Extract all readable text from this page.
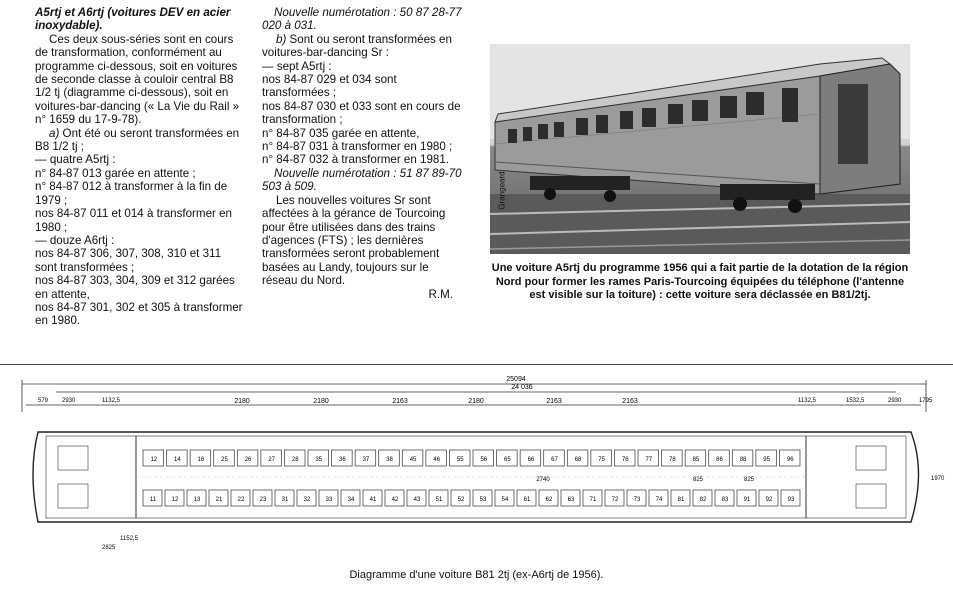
A5rtj et A6rtj (voitures DEV en acier inoxydable).

Ces deux sous-séries sont en cours de transformation, conformément au programme ci-dessous, soit en voitures de seconde classe à couloir central B8 1/2 tj (diagramme ci-dessous), soit en voitures-bar-dancing (« La Vie du Rail » n° 1659 du 17-9-78).

a) Ont été ou seront transformées en B8 1/2 tj ;

— quatre A5rtj :

n° 84-87 013 garée en attente ;

n° 84-87 012 à transformer à la fin de 1979 ;

nos 84-87 011 et 014 à transformer en 1980 ;

— douze A6rtj :

nos 84-87 306, 307, 308, 310 et 311 sont transformées ;

nos 84-87 303, 304, 309 et 312 garées en attente,

nos 84-87 301, 302 et 305 à transformer en 1980.

Nouvelle numérotation : 50 87 28-77 020 à 031.

b) Sont ou seront transformées en voitures-bar-dancing Sr :

— sept A5rtj :

nos 84-87 029 et 034 sont transformées ;

nos 84-87 030 et 033 sont en cours de transformation ;

n° 84-87 035 garée en attente,

n° 84-87 031 à transformer en 1980 ;

n° 84-87 032 à transformer en 1981.

Nouvelle numérotation : 51 87 89-70 503 à 509.

Les nouvelles voitures Sr sont affectées à la gérance de Tourcoing pour être utilisées dans des trains d'agences (FTS) ; les dernières transformées seront probablement basées au Landy, toujours sur le réseau du Nord.

R.M.

Grangeard
Une voiture A5rtj du programme 1956 qui a fait partie de la dotation de la région Nord pour former les rames Paris-Tourcoing équipées du téléphone (l'antenne est visible sur la toiture) : cette voiture sera déclassée en B81/2tj.
25094
24 036
579 2930	1132,5	1132,5	1532,5	2930	1795
2180	2180	2163	2180	2163	2163
2740	825	825	1970
1152,5
2825
12	14	16	25	26	27	28	35	36	37	38	45	46	55	56	65	66	67	68	75	76	77	78	85	86	88	95	96
11	12	13	21	22	23	31	32	33	34	41	42	43	51	52	53	54	61	62	63	71	72	73	74	81	82	83	91	92	93
Diagramme d'une voiture B81 2tj (ex-A6rtj de 1956).
